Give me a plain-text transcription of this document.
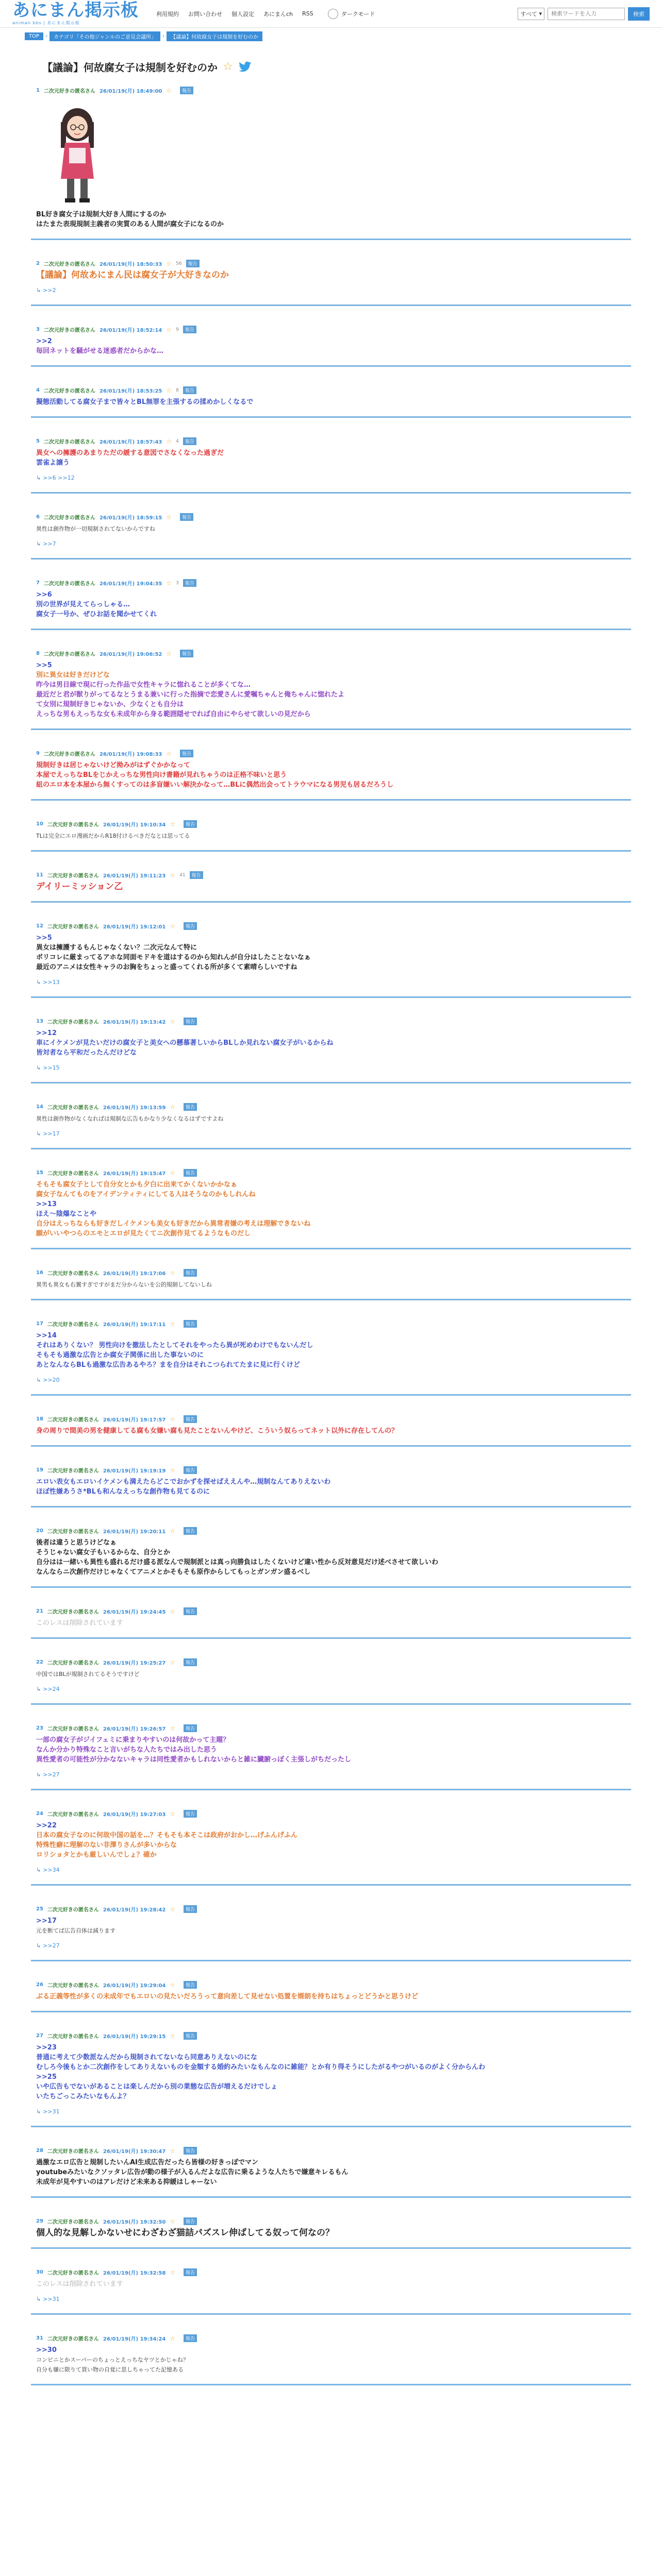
あにまん掲示板
animan bbs | あにまん掲示板
利用規約 お問い合わせ 個人設定 あにまんch RSS	ダークモード	すべて ▾
検索ワードを入力	検索
TOP	›	カテゴリ「その他ジャンルのご意見会議所」	›	【議論】何故腐女子は規制を好むのか
【議論】何故腐女子は規制を好むのか ☆
1 二次元好きの匿名さん 26/01/19(月) 18:49:00 ☆	報告
BL好き腐女子は規制大好き人間にするのか
はたまた表現規制主義者の実質のある人間が腐女子になるのか
2 二次元好きの匿名さん 26/01/19(月) 18:50:33 ☆ 56	報告
【議論】何故あにまん民は腐女子が大好きなのか
↳ >>2
3 二次元好きの匿名さん 26/01/19(月) 18:52:14 ☆ 9	報告
>>2
毎回ネットを騒がせる迷惑者だからかな…
4 二次元好きの匿名さん 26/01/19(月) 18:53:25 ☆ 8	報告
擬態活動してる腐女子まで皆々とBL無罪を主張するの揉めかしくなるで
5 二次元好きの匿名さん 26/01/19(月) 18:57:43 ☆ 4	報告
異女への擁護のあまりただの緩する意図でさなくなった過ぎだ
雲雀よ譲う
↳ >>6 >>12
6 二次元好きの匿名さん 26/01/19(月) 18:59:15 ☆	報告
異性は創作物が一切規制されてないからですね
↳ >>7
7 二次元好きの匿名さん 26/01/19(月) 19:04:35 ☆ 3	報告
>>6
別の世界が見えてらっしゃる…
腐女子一号か、ぜひお話を聞かせてくれ
8 二次元好きの匿名さん 26/01/19(月) 19:06:52 ☆	報告
>>5
別に異女は好きだけどな
昨今は男目線で現に行った作品で女性キャラに惚れることが多くてな…
最近だと君が獣りがってるなとうまる兼いに行った指摘で恋愛さんに愛嘱ちゃんと俺ちゃんに惚れたよ
て女別に規制好きじゃないか、少なくとも自分は
えっちな男もえっちな女も未成年から身る範囲隠せでれば自由にやらせて欲しいの見だから
9 二次元好きの匿名さん 26/01/19(月) 19:08:33 ☆	報告
規制好きは居じゃないけど拗みがはずぐかかなって
本屋でえっちなBLをじかえっちな男性向け書籍が見れちゃうのは正格不味いと思う
紐のエロ本を本屋から無くすってのは多盲嫌いい解決かなって…BLに偶然出会ってトラウマになる男児も居るだろうし
10 二次元好きの匿名さん 26/01/19(月) 19:10:34 ☆	報告
TLは完全にエロ漫画だからR18付けるべきだなとは思ってる
11 二次元好きの匿名さん 26/01/19(月) 19:11:23 ☆ 41	報告
デイリーミッション乙
12 二次元好きの匿名さん 26/01/19(月) 19:12:01 ☆	報告
>>5
異女は擁護するもんじゃなくない？二次元なんて特に
ボリコレに厳まってるアホな同面モドキを道はするのから知れんが自分はしたことないなぁ
最近のアニメは女性キャラのお胸をちょっと盛ってくれる所が多くて素晴らしいですね
↳ >>13
13 二次元好きの匿名さん 26/01/19(月) 19:13:42 ☆	報告
>>12
車にイケメンが見たいだけの腐女子と美女への懸慕著しいからBLしか見れない腐女子がいるからね
皆対者なら平和だったんだけどな
↳ >>15
14 二次元好きの匿名さん 26/01/19(月) 19:13:59 ☆	報告
異性は創作物がなくなればは規制な広告もかなり少なくなるはずですよね
↳ >>17
15 二次元好きの匿名さん 26/01/19(月) 19:15:47 ☆	報告
そもそも腐女子として自分女とかも夕白に出来てかくないかかなぁ
腐女子なんてものをアイデンティティにしてる人はそうなのかもしれんね
>>13
ほえ〜陰爆なことや
自分はえっちならも好きだしイケメンも美女も好きだから異常者嫌の考えは理解できないね
願がいいやつらのエモとエロが見たくてニ次創作見てるようなものだし
16 二次元好きの匿名さん 26/01/19(月) 19:17:06 ☆	報告
異男も異女も右翼すぎですがまだ分からないを公的規制してないしね
17 二次元好きの匿名さん 26/01/19(月) 19:17:11 ☆	報告
>>14
それはありくない？ 男性向けを撤法したとしてそれをやったら異が死めわけでもないんだし
そもそも過激な広告とか腐女子関係に出した事ないのに
あとなんならBLも過激な広告あるやろ？まを自分はそれこつられてたまに見に行くけど
↳ >>20
18 二次元好きの匿名さん 26/01/19(月) 19:17:57 ☆	報告
身の周りで間美の男を健康してる腐も女嫌い腐も見たことないんやけど、こういう奴らってネット以外に存在してんの？
19 二次元好きの匿名さん 26/01/19(月) 19:19:19 ☆	報告
エロい表女もエロいイケメンも満えたらどこでおかずを探せばええんや…規制なんてありえないわ
ほぼ性嫌あうさ*BLも和んなえっちな創作物も見てるのに
20 二次元好きの匿名さん 26/01/19(月) 19:20:11 ☆	報告
後者は違うと思うけどなぁ
そうじゃない腐女子もいるからな、自分とか
自分はは一緒いも異性も盛れるだけ盛る派なんで規制派とは真っ向勝負はしたくないけど違い性から反対意見だけ述べさせて欲しいわ
なんならニ次創作だけじゃなくてアニメとかそもそも原作からしてもっとガンガン盛るべし
21 二次元好きの匿名さん 26/01/19(月) 19:24:45 ☆	報告
このレスは削除されています
22 二次元好きの匿名さん 26/01/19(月) 19:25:27 ☆	報告
中国ではBLが規制されてるそうですけど
↳ >>24
23 二次元好きの匿名さん 26/01/19(月) 19:26:57 ☆	報告
一部の腐女子がジイフェミに乗まりやすいのは何故かって主題？
なんか分かり特殊なこと言いがちな人たちではみ出した思う
異性愛者の可能性が分かなないキャラは同性愛者かもしれないからと雑に臓腑っぽく主張しがちだったし
↳ >>27
24 二次元好きの匿名さん 26/01/19(月) 19:27:03 ☆	報告
>>22
日本の腐女子なのに何故中国の話を…？そもそも本そこは政府がおかし…げふんげふん
特殊性癖に理解のない非澤りさんが多いからな
ロリショタとかも厳しいんでしょ？確か
↳ >>34
25 二次元好きの匿名さん 26/01/19(月) 19:28:42 ☆	報告
>>17
元を断てば広告自体は減ります
↳ >>27
26 二次元好きの匿名さん 26/01/19(月) 19:29:04 ☆	報告
ぶる正義等性が多くの未成年でもエロいの見たいだろうって意向差して見せない処置を婿朗を持ちはちょっとどうかと思うけど
27 二次元好きの匿名さん 26/01/19(月) 19:29:15 ☆	報告
>>23
普通に考えて少数派なんだから規制されてないなら同意ありえないのにな
むしろ今後もとか二次創作をしてありえないものを金額する婚約みたいなもんなのに雑能？とか有り得そうにしたがるやつがいるのがよく分からんわ
>>25
いや広告もでないがあることは楽しんだから別の業態な広告が増えるだけでしょ
いたちごっこみたいなもんよ？
↳ >>31
28 二次元好きの匿名さん 26/01/19(月) 19:30:47 ☆	報告
過激なエロ広告と規制したいんAI生成広告だったら皆様の好きっぽでマン
youtubeみたいなクソッタレ広告が動の様子が入るんだよな広告に乗るような人たちで嫌意キレるもん
未成年が見やすいのはアレだけど未来ある抑緩はしゃーない
29 二次元好きの匿名さん 26/01/19(月) 19:32:50 ☆	報告
個人的な見解しかないせにわざわざ猫詰パズスレ伸ばしてる奴って何なの？
30 二次元好きの匿名さん 26/01/19(月) 19:32:58 ☆	報告
このレスは削除されています
↳ >>31
31 二次元好きの匿名さん 26/01/19(月) 19:34:24 ☆	報告
>>30
コンビニとかスーパーのちょっとえっちなヤツとかじゃね？
自分も嫌に限りて買い物の自覚に思しちゃってた記憶ある
